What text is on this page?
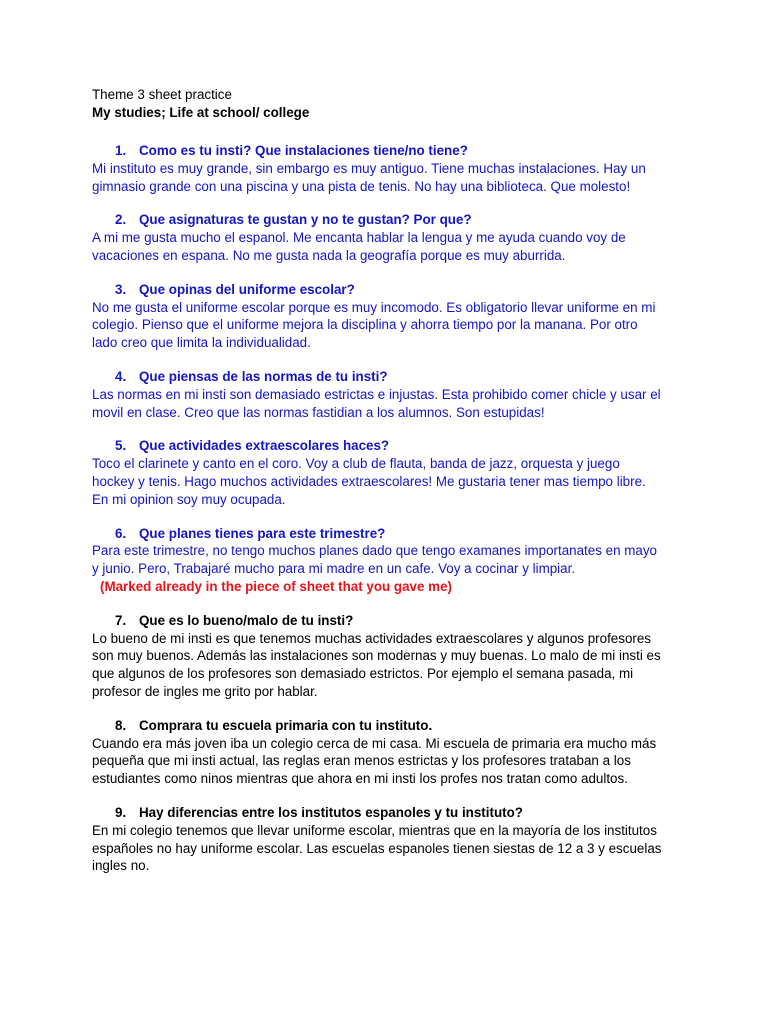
Theme 3 sheet practice

My studies; Life at school/ college

1. Como es tu insti? Que instalaciones tiene/no tiene?

Mi instituto es muy grande, sin embargo es muy antiguo. Tiene muchas instalaciones. Hay un gimnasio grande con una piscina y una pista de tenis. No hay una biblioteca. Que molesto!

2. Que asignaturas te gustan y no te gustan? Por que?

A mi me gusta mucho el espanol. Me encanta hablar la lengua y me ayuda cuando voy de vacaciones en espana. No me gusta nada la geografía porque es muy aburrida.

3. Que opinas del uniforme escolar?

No me gusta el uniforme escolar porque es muy incomodo. Es obligatorio llevar uniforme en mi colegio. Pienso que el uniforme mejora la disciplina y ahorra tiempo por la manana. Por otro lado creo que limita la individualidad.

4. Que piensas de las normas de tu insti?

Las normas en mi insti son demasiado estrictas e injustas. Esta prohibido comer chicle y usar el movil en clase. Creo que las normas fastidian a los alumnos. Son estupidas!

5. Que actividades extraescolares haces?

Toco el clarinete y canto en el coro. Voy a club de flauta, banda de jazz, orquesta y juego hockey y tenis. Hago muchos actividades extraescolares! Me gustaria tener mas tiempo libre. En mi opinion soy muy ocupada.

6. Que planes tienes para este trimestre?

Para este trimestre, no tengo muchos planes dado que tengo examanes importanates en mayo y junio. Pero, Trabajaré mucho para mi madre en un cafe. Voy a cocinar y limpiar.

(Marked already in the piece of sheet that you gave me)

7. Que es lo bueno/malo de tu insti?

Lo bueno de mi insti es que tenemos muchas actividades extraescolares y algunos profesores son muy buenos. Además las instalaciones son modernas y muy buenas. Lo malo de mi insti es que algunos de los profesores son demasiado estrictos. Por ejemplo el semana pasada, mi profesor de ingles me grito por hablar.

8. Comprara tu escuela primaria con tu instituto.

Cuando era más joven iba un colegio cerca de mi casa. Mi escuela de primaria era mucho más pequeña que mi insti actual, las reglas eran menos estrictas y los profesores trataban a los estudiantes como ninos mientras que ahora en mi insti los profes nos tratan como adultos.

9. Hay diferencias entre los institutos espanoles y tu instituto?

En mi colegio tenemos que llevar uniforme escolar, mientras que en la mayoría de los institutos españoles no hay uniforme escolar. Las escuelas espanoles tienen siestas de 12 a 3 y escuelas ingles no.
